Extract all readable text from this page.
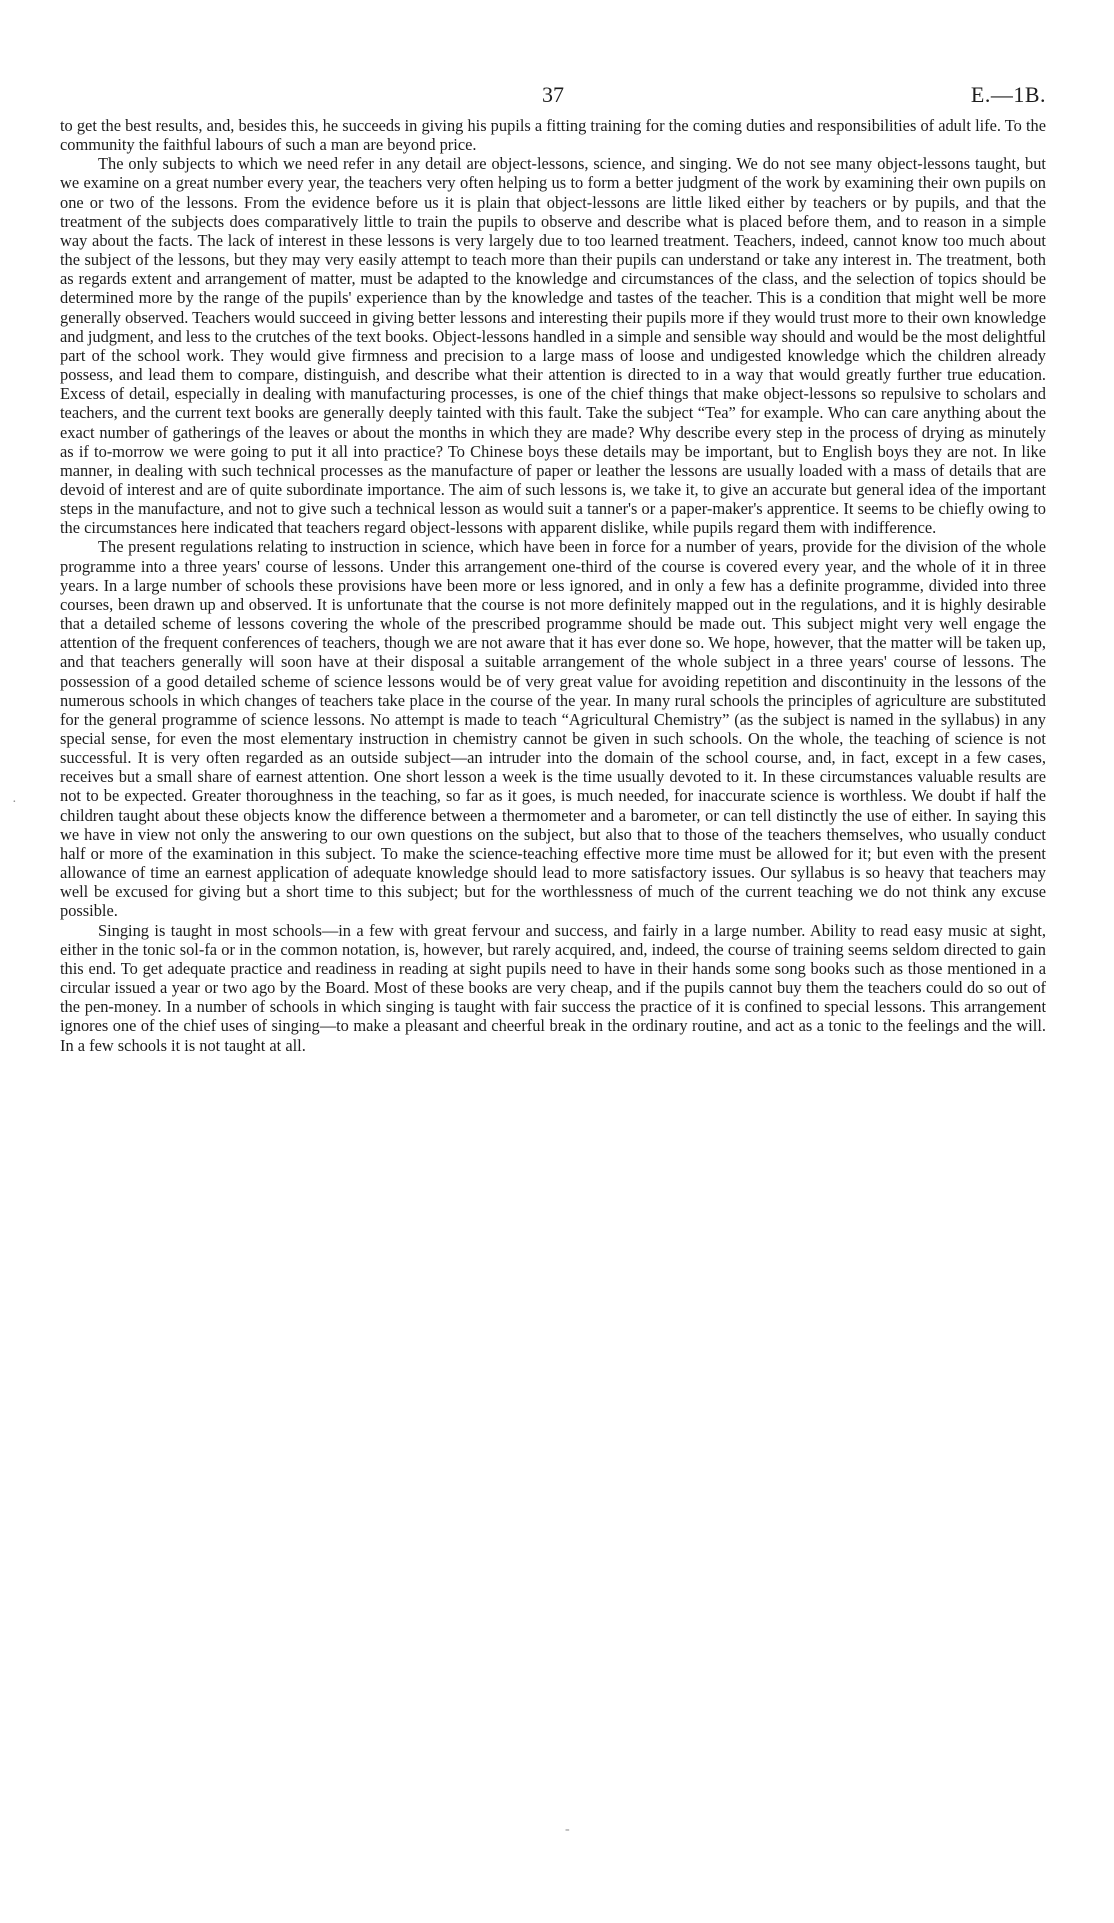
37	E.—1B.

to get the best results, and, besides this, he succeeds in giving his pupils a fitting training for the coming duties and responsibilities of adult life. To the community the faithful labours of such a man are beyond price.

The only subjects to which we need refer in any detail are object-lessons, science, and singing. We do not see many object-lessons taught, but we examine on a great number every year, the teachers very often helping us to form a better judgment of the work by examining their own pupils on one or two of the lessons. From the evidence before us it is plain that object-lessons are little liked either by teachers or by pupils, and that the treatment of the subjects does comparatively little to train the pupils to observe and describe what is placed before them, and to reason in a simple way about the facts. The lack of interest in these lessons is very largely due to too learned treatment. Teachers, indeed, cannot know too much about the subject of the lessons, but they may very easily attempt to teach more than their pupils can understand or take any interest in. The treatment, both as regards extent and arrangement of matter, must be adapted to the knowledge and circumstances of the class, and the selection of topics should be determined more by the range of the pupils' experience than by the knowledge and tastes of the teacher. This is a condition that might well be more generally observed. Teachers would succeed in giving better lessons and interesting their pupils more if they would trust more to their own knowledge and judgment, and less to the crutches of the text books. Object-lessons handled in a simple and sensible way should and would be the most delightful part of the school work. They would give firmness and precision to a large mass of loose and undigested knowledge which the children already possess, and lead them to compare, distinguish, and describe what their attention is directed to in a way that would greatly further true education. Excess of detail, especially in dealing with manufacturing processes, is one of the chief things that make object-lessons so repulsive to scholars and teachers, and the current text books are generally deeply tainted with this fault. Take the subject “Tea” for example. Who can care anything about the exact number of gatherings of the leaves or about the months in which they are made? Why describe every step in the process of drying as minutely as if to-morrow we were going to put it all into practice? To Chinese boys these details may be important, but to English boys they are not. In like manner, in dealing with such technical processes as the manufacture of paper or leather the lessons are usually loaded with a mass of details that are devoid of interest and are of quite subordinate importance. The aim of such lessons is, we take it, to give an accurate but general idea of the important steps in the manufacture, and not to give such a technical lesson as would suit a tanner's or a paper-maker's apprentice. It seems to be chiefly owing to the circumstances here indicated that teachers regard object-lessons with apparent dislike, while pupils regard them with indifference.

The present regulations relating to instruction in science, which have been in force for a number of years, provide for the division of the whole programme into a three years' course of lessons. Under this arrangement one-third of the course is covered every year, and the whole of it in three years. In a large number of schools these provisions have been more or less ignored, and in only a few has a definite programme, divided into three courses, been drawn up and observed. It is unfortunate that the course is not more definitely mapped out in the regulations, and it is highly desirable that a detailed scheme of lessons covering the whole of the prescribed programme should be made out. This subject might very well engage the attention of the frequent conferences of teachers, though we are not aware that it has ever done so. We hope, however, that the matter will be taken up, and that teachers generally will soon have at their disposal a suitable arrangement of the whole subject in a three years' course of lessons. The possession of a good detailed scheme of science lessons would be of very great value for avoiding repetition and discontinuity in the lessons of the numerous schools in which changes of teachers take place in the course of the year. In many rural schools the principles of agriculture are substituted for the general programme of science lessons. No attempt is made to teach “Agricultural Chemistry” (as the subject is named in the syllabus) in any special sense, for even the most elementary instruction in chemistry cannot be given in such schools. On the whole, the teaching of science is not successful. It is very often regarded as an outside subject—an intruder into the domain of the school course, and, in fact, except in a few cases, receives but a small share of earnest attention. One short lesson a week is the time usually devoted to it. In these circumstances valuable results are not to be expected. Greater thoroughness in the teaching, so far as it goes, is much needed, for inaccurate science is worthless. We doubt if half the children taught about these objects know the difference between a thermometer and a barometer, or can tell distinctly the use of either. In saying this we have in view not only the answering to our own questions on the subject, but also that to those of the teachers themselves, who usually conduct half or more of the examination in this subject. To make the science-teaching effective more time must be allowed for it; but even with the present allowance of time an earnest application of adequate knowledge should lead to more satisfactory issues. Our syllabus is so heavy that teachers may well be excused for giving but a short time to this subject; but for the worthlessness of much of the current teaching we do not think any excuse possible.

Singing is taught in most schools—in a few with great fervour and success, and fairly in a large number. Ability to read easy music at sight, either in the tonic sol-fa or in the common notation, is, however, but rarely acquired, and, indeed, the course of training seems seldom directed to gain this end. To get adequate practice and readiness in reading at sight pupils need to have in their hands some song books such as those mentioned in a circular issued a year or two ago by the Board. Most of these books are very cheap, and if the pupils cannot buy them the teachers could do so out of the pen-money. In a number of schools in which singing is taught with fair success the practice of it is confined to special lessons. This arrangement ignores one of the chief uses of singing—to make a pleasant and cheerful break in the ordinary routine, and act as a tonic to the feelings and the will. In a few schools it is not taught at all.

·
-
